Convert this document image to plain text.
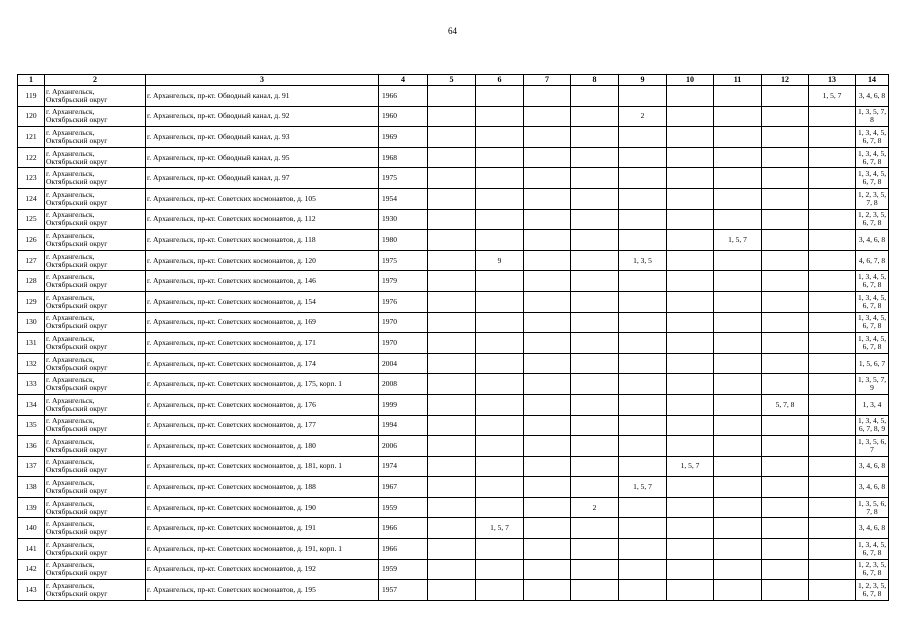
64
1	2	3	4	5	6	7	8	9	10	11	12	13	14
119	г. Архангельск,
Октябрьский округ	г. Архангельск, пр-кт. Обводный канал, д. 91	1966									1, 5, 7	3, 4, 6, 8
120	г. Архангельск,
Октябрьский округ	г. Архангельск, пр-кт. Обводный канал, д. 92	1960					2					1, 3, 5, 7, 8
121	г. Архангельск,
Октябрьский округ	г. Архангельск, пр-кт. Обводный канал, д. 93	1969										1, 3, 4, 5, 6, 7, 8
122	г. Архангельск,
Октябрьский округ	г. Архангельск, пр-кт. Обводный канал, д. 95	1968										1, 3, 4, 5, 6, 7, 8
123	г. Архангельск,
Октябрьский округ	г. Архангельск, пр-кт. Обводный канал, д. 97	1975										1, 3, 4, 5, 6, 7, 8
124	г. Архангельск,
Октябрьский округ	г. Архангельск, пр-кт. Советских космонавтов, д. 105	1954										1, 2, 3, 5, 7, 8
125	г. Архангельск,
Октябрьский округ	г. Архангельск, пр-кт. Советских космонавтов, д. 112	1930										1, 2, 3, 5, 6, 7, 8
126	г. Архангельск,
Октябрьский округ	г. Архангельск, пр-кт. Советских космонавтов, д. 118	1980							1, 5, 7			3, 4, 6, 8
127	г. Архангельск,
Октябрьский округ	г. Архангельск, пр-кт. Советских космонавтов, д. 120	1975		9			1, 3, 5					4, 6, 7, 8
128	г. Архангельск,
Октябрьский округ	г. Архангельск, пр-кт. Советских космонавтов, д. 146	1979										1, 3, 4, 5, 6, 7, 8
129	г. Архангельск,
Октябрьский округ	г. Архангельск, пр-кт. Советских космонавтов, д. 154	1976										1, 3, 4, 5, 6, 7, 8
130	г. Архангельск,
Октябрьский округ	г. Архангельск, пр-кт. Советских космонавтов, д. 169	1970										1, 3, 4, 5, 6, 7, 8
131	г. Архангельск,
Октябрьский округ	г. Архангельск, пр-кт. Советских космонавтов, д. 171	1970										1, 3, 4, 5, 6, 7, 8
132	г. Архангельск,
Октябрьский округ	г. Архангельск, пр-кт. Советских космонавтов, д. 174	2004										1, 5, 6, 7
133	г. Архангельск,
Октябрьский округ	г. Архангельск, пр-кт. Советских космонавтов, д. 175, корп. 1	2008										1, 3, 5, 7, 9
134	г. Архангельск,
Октябрьский округ	г. Архангельск, пр-кт. Советских космонавтов, д. 176	1999								5, 7, 8		1, 3, 4
135	г. Архангельск,
Октябрьский округ	г. Архангельск, пр-кт. Советских космонавтов, д. 177	1994										1, 3, 4, 5, 6, 7, 8, 9
136	г. Архангельск,
Октябрьский округ	г. Архангельск, пр-кт. Советских космонавтов, д. 180	2006										1, 3, 5, 6, 7
137	г. Архангельск,
Октябрьский округ	г. Архангельск, пр-кт. Советских космонавтов, д. 181, корп. 1	1974						1, 5, 7				3, 4, 6, 8
138	г. Архангельск,
Октябрьский округ	г. Архангельск, пр-кт. Советских космонавтов, д. 188	1967					1, 5, 7					3, 4, 6, 8
139	г. Архангельск,
Октябрьский округ	г. Архангельск, пр-кт. Советских космонавтов, д. 190	1959				2						1, 3, 5, 6, 7, 8
140	г. Архангельск,
Октябрьский округ	г. Архангельск, пр-кт. Советских космонавтов, д. 191	1966		1, 5, 7								3, 4, 6, 8
141	г. Архангельск,
Октябрьский округ	г. Архангельск, пр-кт. Советских космонавтов, д. 191, корп. 1	1966										1, 3, 4, 5, 6, 7, 8
142	г. Архангельск,
Октябрьский округ	г. Архангельск, пр-кт. Советских космонавтов, д. 192	1959										1, 2, 3, 5, 6, 7, 8
143	г. Архангельск,
Октябрьский округ	г. Архангельск, пр-кт. Советских космонавтов, д. 195	1957										1, 2, 3, 5, 6, 7, 8
